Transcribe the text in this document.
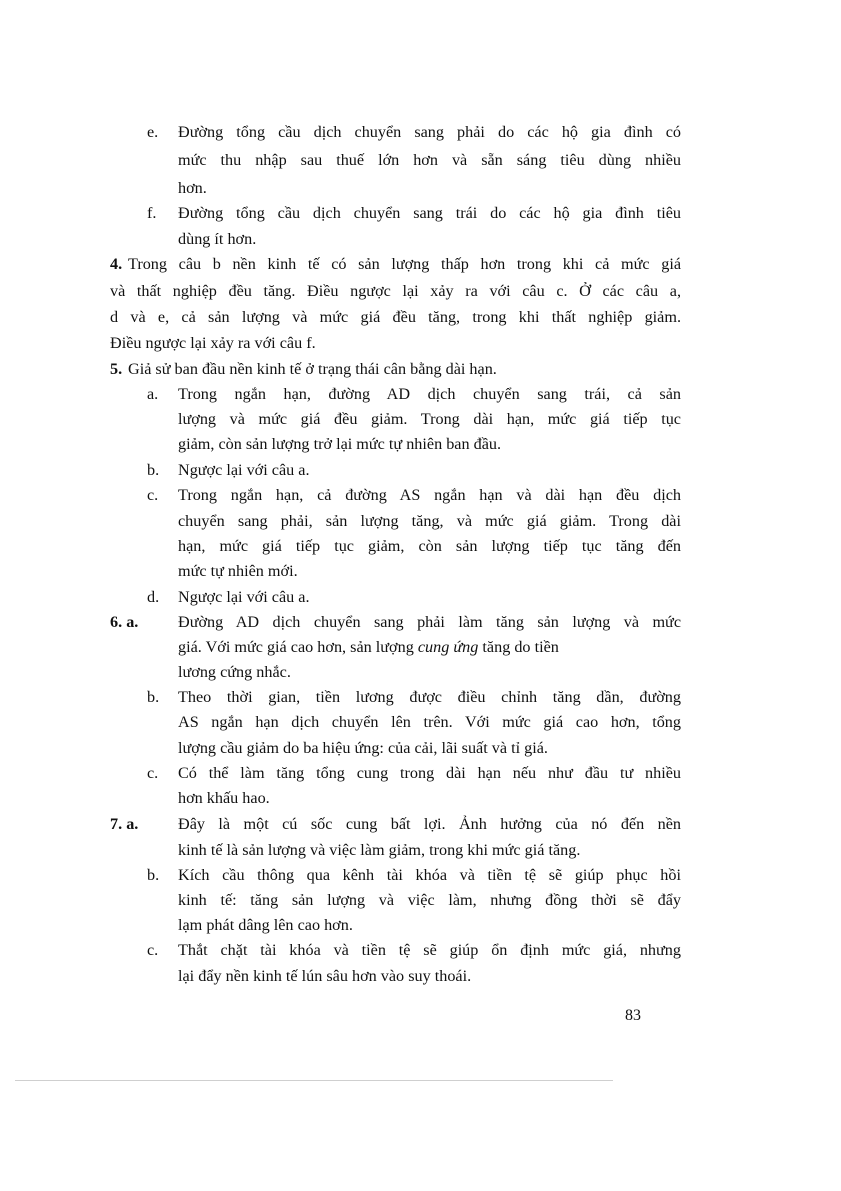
e. Đường tổng cầu dịch chuyển sang phải do các hộ gia đình có
mức thu nhập sau thuế lớn hơn và sẵn sáng tiêu dùng nhiều
hơn.
f. Đường tổng cầu dịch chuyển sang trái do các hộ gia đình tiêu
dùng ít hơn.
4. Trong câu b nền kinh tế có sản lượng thấp hơn trong khi cả mức giá
và thất nghiệp đều tăng. Điều ngược lại xảy ra với câu c. Ở các câu a,
d và e, cả sản lượng và mức giá đều tăng, trong khi thất nghiệp giảm.
Điều ngược lại xảy ra với câu f.
5. Giả sử ban đầu nền kinh tế ở trạng thái cân bằng dài hạn.
a. Trong ngắn hạn, đường AD dịch chuyển sang trái, cả sản
lượng và mức giá đều giảm. Trong dài hạn, mức giá tiếp tục
giảm, còn sản lượng trở lại mức tự nhiên ban đầu.
b. Ngược lại với câu a.
c. Trong ngắn hạn, cả đường AS ngắn hạn và dài hạn đều dịch
chuyển sang phải, sản lượng tăng, và mức giá giảm. Trong dài
hạn, mức giá tiếp tục giảm, còn sản lượng tiếp tục tăng đến
mức tự nhiên mới.
d. Ngược lại với câu a.
6. a. Đường AD dịch chuyển sang phải làm tăng sản lượng và mức
giá. Với mức giá cao hơn, sản lượng cung ứng tăng do tiền
lương cứng nhắc.
b. Theo thời gian, tiền lương được điều chỉnh tăng dần, đường
AS ngắn hạn dịch chuyển lên trên. Với mức giá cao hơn, tổng
lượng cầu giảm do ba hiệu ứng: của cải, lãi suất và tỉ giá.
c. Có thể làm tăng tổng cung trong dài hạn nếu như đầu tư nhiều
hơn khấu hao.
7. a. Đây là một cú sốc cung bất lợi. Ảnh hưởng của nó đến nền
kinh tế là sản lượng và việc làm giảm, trong khi mức giá tăng.
b. Kích cầu thông qua kênh tài khóa và tiền tệ sẽ giúp phục hồi
kinh tế: tăng sản lượng và việc làm, nhưng đồng thời sẽ đẩy
lạm phát dâng lên cao hơn.
c. Thắt chặt tài khóa và tiền tệ sẽ giúp ổn định mức giá, nhưng
lại đẩy nền kinh tế lún sâu hơn vào suy thoái.
83
